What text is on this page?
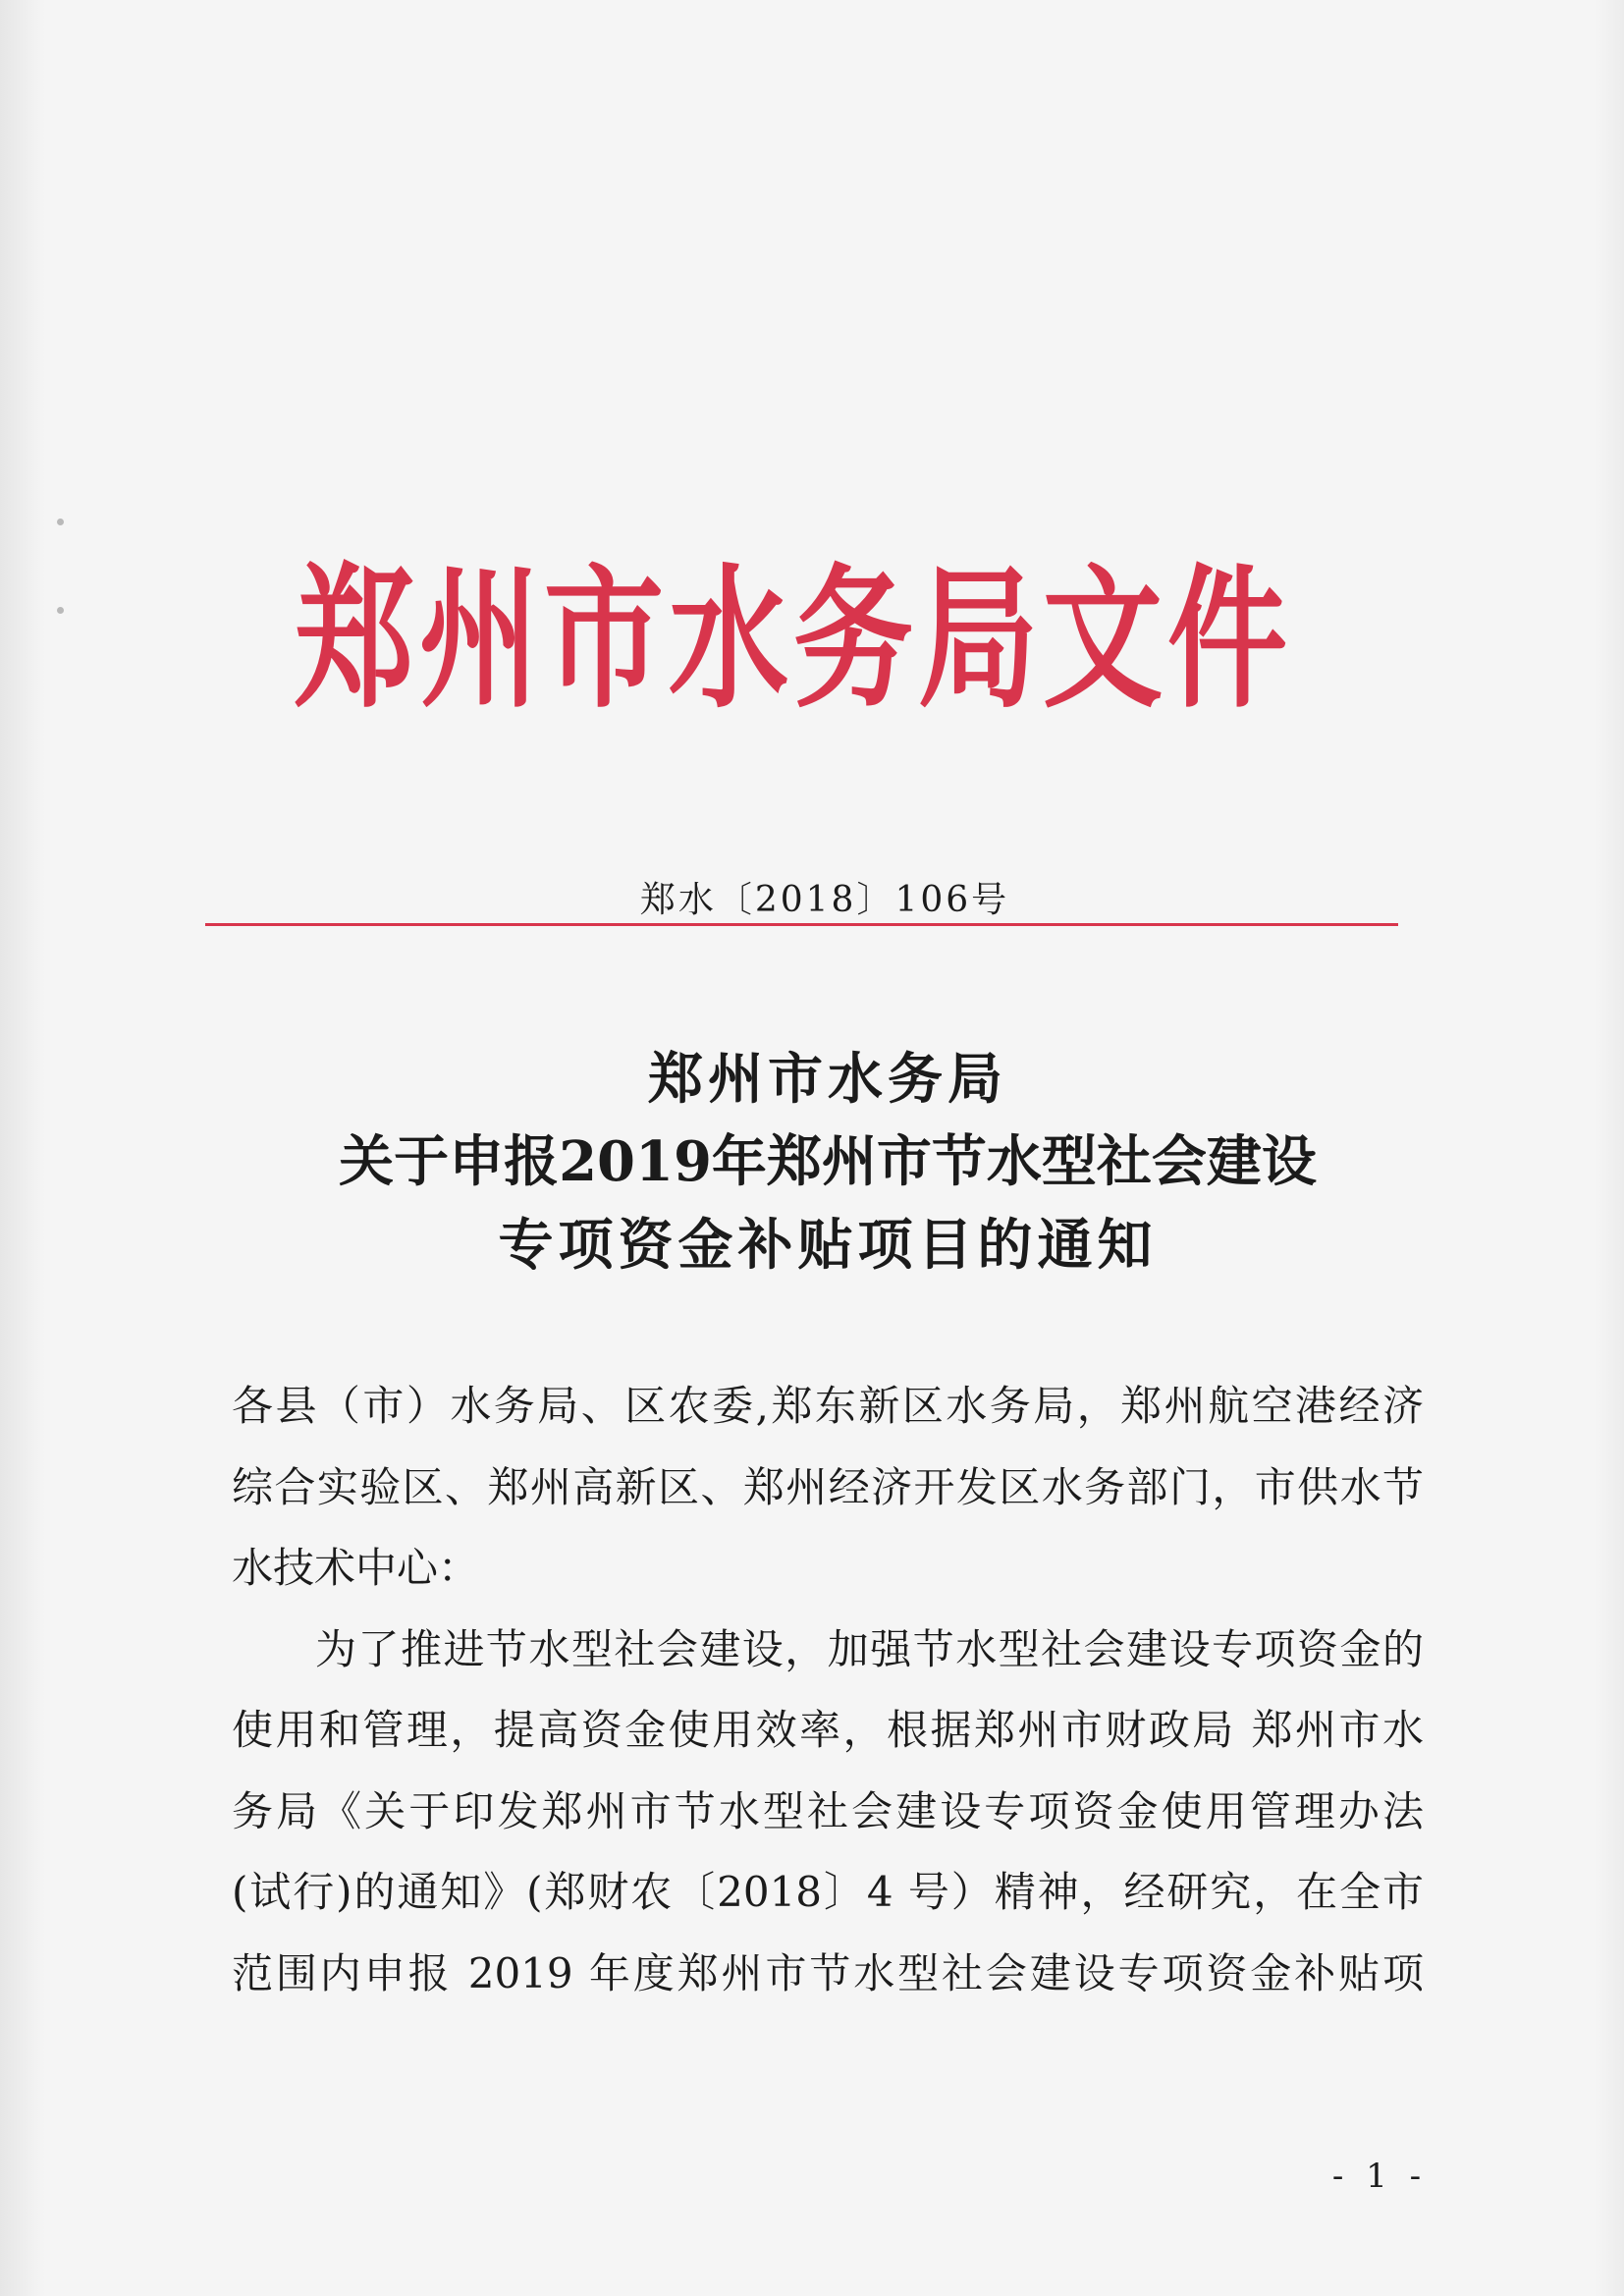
郑州市水务局文件
郑水〔2018〕106号
郑州市水务局
关于申报2019年郑州市节水型社会建设
专项资金补贴项目的通知
各县（市）水务局、区农委,郑东新区水务局，郑州航空港经济
综合实验区、郑州高新区、郑州经济开发区水务部门，市供水节
水技术中心：
为了推进节水型社会建设，加强节水型社会建设专项资金的
使用和管理，提高资金使用效率，根据郑州市财政局 郑州市水
务局《关于印发郑州市节水型社会建设专项资金使用管理办法
(试行)的通知》(郑财农〔2018〕4 号）精神，经研究，在全市
范围内申报 2019 年度郑州市节水型社会建设专项资金补贴项
- 1 -
